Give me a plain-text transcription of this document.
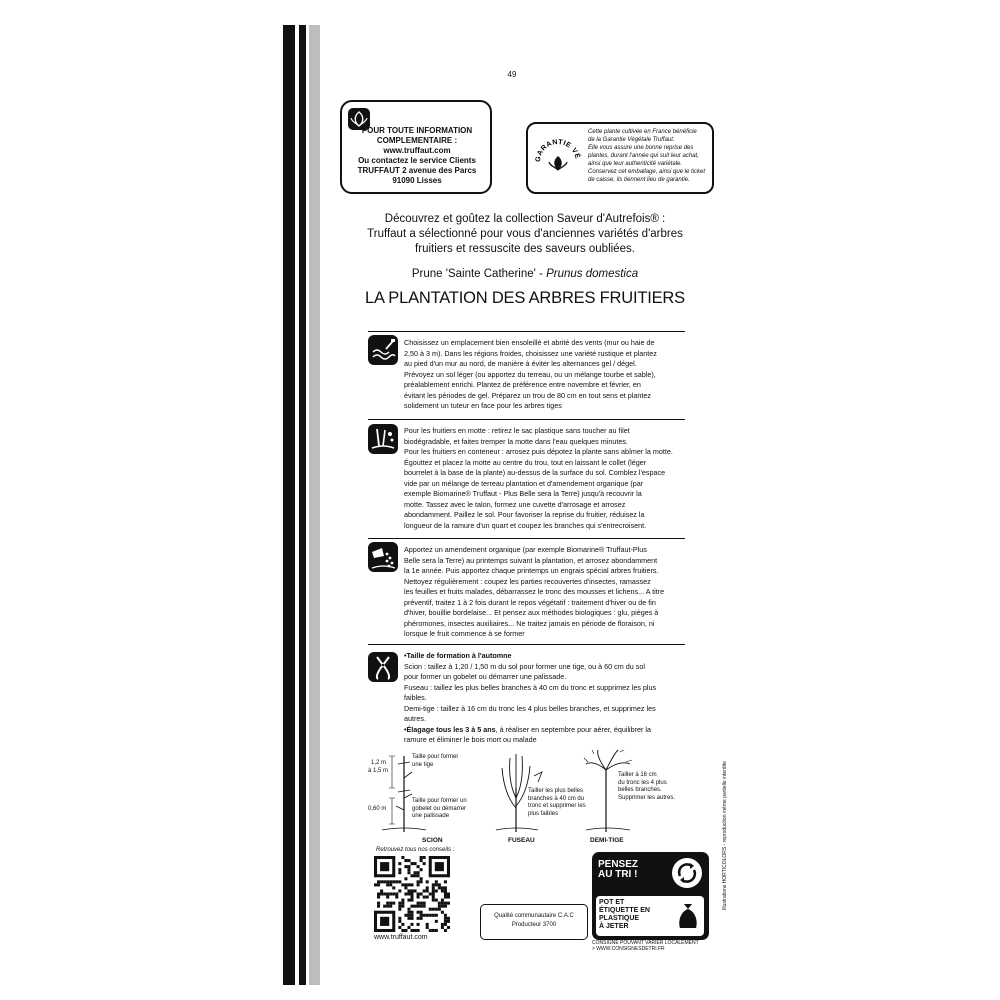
49
POUR TOUTE INFORMATION
COMPLEMENTAIRE :
www.truffaut.com
Ou contactez le service Clients
TRUFFAUT 2 avenue des Parcs
91090 Lisses
GARANTIE VÉ
Cette plante cultivée en France bénéficie
de la Garantie Végétale Truffaut.
Elle vous assure une bonne reprise des
plantes, durant l'année qui suit leur achat,
ainsi que leur authenticité variétale.
Conservez cet emballage, ainsi que le ticket
de caisse, ils tiennent lieu de garantie.
Découvrez et goûtez la collection Saveur d'Autrefois® :
Truffaut a sélectionné pour vous d'anciennes variétés d'arbres
fruitiers et ressuscite des saveurs oubliées.
Prune 'Sainte Catherine' - Prunus domestica
LA PLANTATION DES ARBRES FRUITIERS
Choisissez un emplacement bien ensoleillé et abrité des vents (mur ou haie de
2,50 à 3 m). Dans les régions froides, choisissez une variété rustique et plantez
au pied d'un mur au nord, de manière à éviter les alternances gel / dégel.
Prévoyez un sol léger (ou apportez du terreau, ou un mélange tourbe et sable),
préalablement enrichi. Plantez de préférence entre novembre et février, en
évitant les périodes de gel. Préparez un trou de 80 cm en tout sens et plantez
solidement un tuteur en face pour les arbres tiges
Pour les fruitiers en motte : retirez le sac plastique sans toucher au filet
biodégradable, et faites tremper la motte dans l'eau quelques minutes.
Pour les fruitiers en conteneur : arrosez puis dépotez la plante sans abîmer la motte.
Égouttez et placez la motte au centre du trou, tout en laissant le collet (léger
bourrelet à la base de la plante) au-dessus de la surface du sol. Comblez l'espace
vide par un mélange de terreau plantation et d'amendement organique (par
exemple Biomarine® Truffaut - Plus Belle sera la Terre) jusqu'à recouvrir la
motte. Tassez avec le talon, formez une cuvette d'arrosage et arrosez
abondamment. Paillez le sol. Pour favoriser la reprise du fruitier, réduisez la
longueur de la ramure d'un quart et coupez les branches qui s'entrecroisent.
Apportez un amendement organique (par exemple Biomarine® Truffaut-Plus
Belle sera la Terre) au printemps suivant la plantation, et arrosez abondamment
la 1e année. Puis apportez chaque printemps un engrais spécial arbres fruitiers.
Nettoyez régulièrement : coupez les parties recouvertes d'insectes, ramassez
les feuilles et fruits malades, débarrassez le tronc des mousses et lichens... A titre
préventif, traitez 1 à 2 fois durant le repos végétatif : traitement d'hiver ou de fin
d'hiver, bouillie bordelaise... Et pensez aux méthodes biologiques : glu, pièges à
phéromones, insectes auxiliaires... Ne traitez jamais en période de floraison, ni
lorsque le fruit commence à se former
•Taille de formation à l'automne
Scion : taillez à 1,20 / 1,50 m du sol pour former une tige, ou à 60 cm du sol
pour former un gobelet ou démarrer une palissade.
Fuseau : taillez les plus belles branches à 40 cm du tronc et supprimez les plus
faibles.
Demi-tige : taillez à 16 cm du tronc les 4 plus belles branches, et supprimez les
autres.
•Élagage tous les 3 à 5 ans, à réaliser en septembre pour aérer, équilibrer la
ramure et éliminer le bois mort ou malade
1,2 m
à 1,5 m
0,60 m
Taille pour former
une tige
Taille pour former un
gobelet ou démarrer
une palissade
Tailler les plus belles
branches à 40 cm du
tronc et supprimer les
plus faibles
Tailler à 16 cm
du tronc les 4 plus
belles branches.
Supprimer les autres.
SCION	FUSEAU	DEMI-TIGE
Retrouvez tous nos conseils :
www.truffaut.com
Qualité communautaire C.A.C
Producteur 3700
PENSEZ
AU TRI !
POT ET
ÉTIQUETTE EN
PLASTIQUE
À JETER
CONSIGNE POUVANT VARIER LOCALEMENT
> WWW.CONSIGNESDETRI.FR
Illustrations HORTICOLORS - reproduction même partielle interdite
